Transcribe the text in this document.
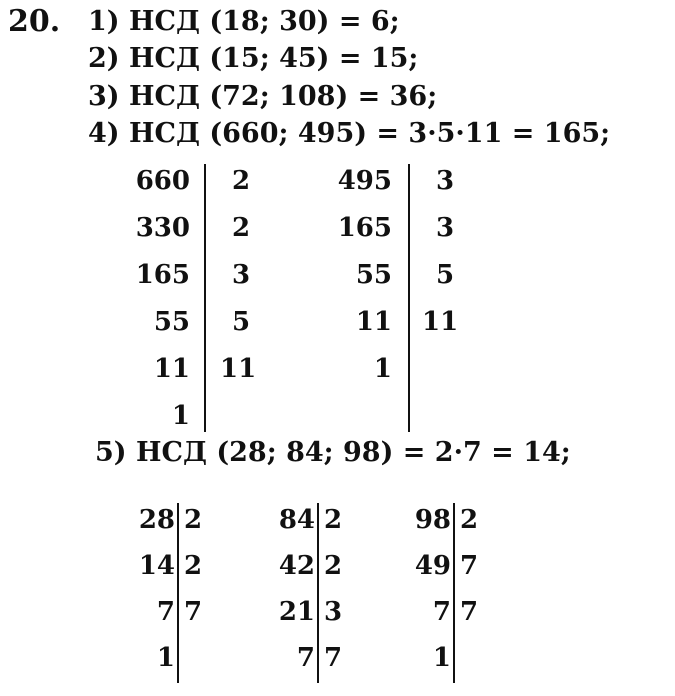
20. 1) НСД (18; 30) = 6;
2) НСД (15; 45) = 15;
3) НСД (72; 108) = 36;
4) НСД (660; 495) = 3·5·11 = 165;
660
330
165
55
11
1
2
2
3
5
11
495
165
55
11
1
3
3
5
11
5) НСД (28; 84; 98) = 2·7 = 14;
28
14
7
1
2
2
7
84
42
21
7
2
2
3
7
98
49
7
1
2
7
7
